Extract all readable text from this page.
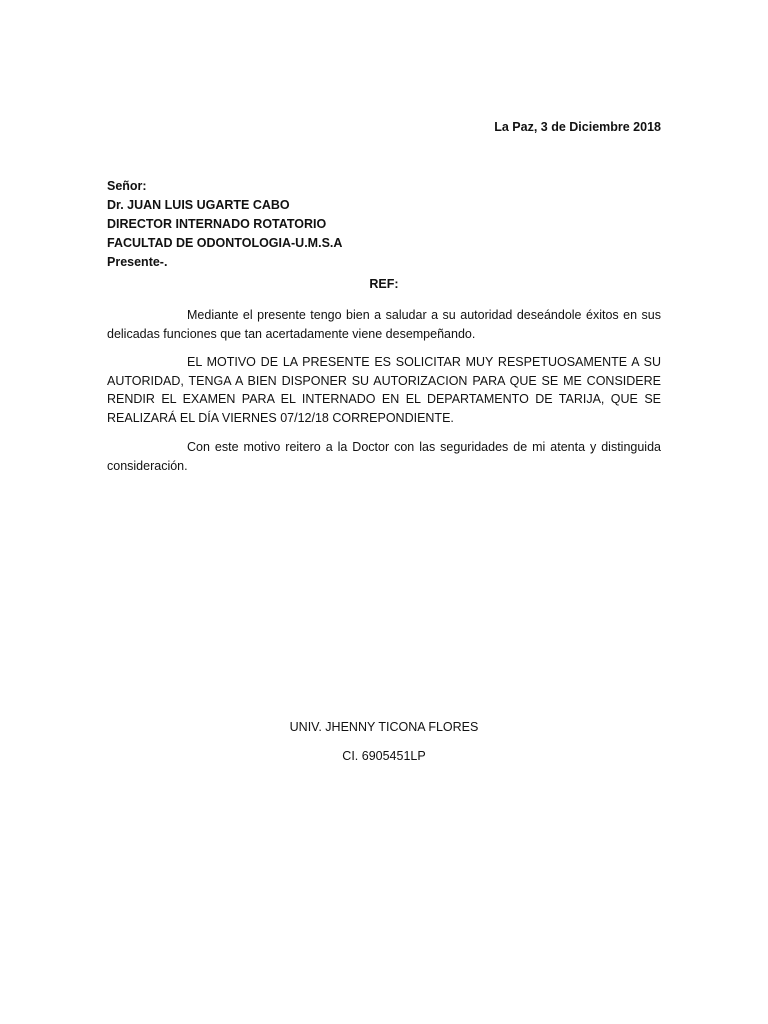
La Paz, 3 de Diciembre 2018
Señor:
Dr. JUAN LUIS UGARTE CABO
DIRECTOR INTERNADO ROTATORIO
FACULTAD DE ODONTOLOGIA-U.M.S.A
Presente-.
REF:

Mediante el presente tengo bien a saludar a su autoridad deseándole éxitos en sus delicadas funciones que tan acertadamente viene desempeñando.

EL MOTIVO DE LA PRESENTE ES SOLICITAR MUY RESPETUOSAMENTE A SU AUTORIDAD, TENGA A BIEN DISPONER SU AUTORIZACION PARA QUE SE ME CONSIDERE RENDIR EL EXAMEN PARA EL INTERNADO EN EL DEPARTAMENTO DE TARIJA, QUE SE REALIZARÁ EL DÍA VIERNES 07/12/18 CORREPONDIENTE.

Con este motivo reitero a la Doctor con las seguridades de mi atenta y distinguida consideración.

UNIV. JHENNY TICONA FLORES
CI. 6905451LP
